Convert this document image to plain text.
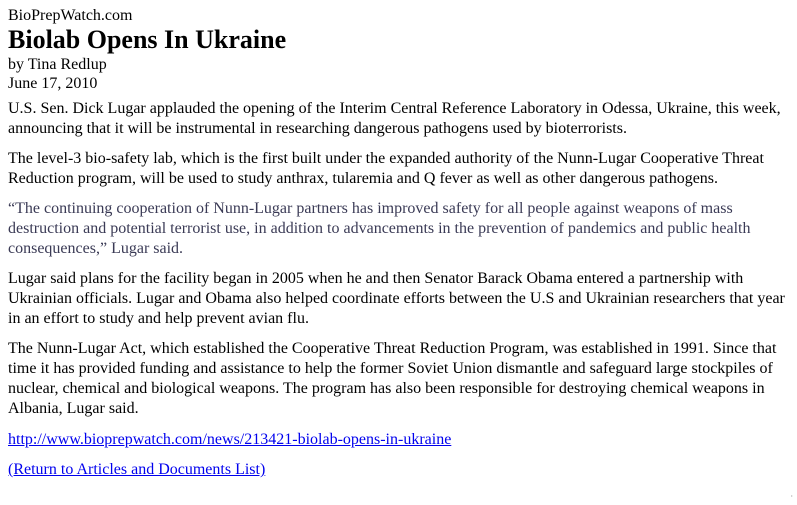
BioPrepWatch.com

Biolab Opens In Ukraine

by Tina Redlup

June 17, 2010

U.S. Sen. Dick Lugar applauded the opening of the Interim Central Reference Laboratory in Odessa, Ukraine, this week, announcing that it will be instrumental in researching dangerous pathogens used by bioterrorists.

The level-3 bio-safety lab, which is the first built under the expanded authority of the Nunn-Lugar Cooperative Threat Reduction program, will be used to study anthrax, tularemia and Q fever as well as other dangerous pathogens.

“The continuing cooperation of Nunn-Lugar partners has improved safety for all people against weapons of mass destruction and potential terrorist use, in addition to advancements in the prevention of pandemics and public health consequences,” Lugar said.

Lugar said plans for the facility began in 2005 when he and then Senator Barack Obama entered a partnership with Ukrainian officials. Lugar and Obama also helped coordinate efforts between the U.S and Ukrainian researchers that year in an effort to study and help prevent avian flu.

The Nunn-Lugar Act, which established the Cooperative Threat Reduction Program, was established in 1991. Since that time it has provided funding and assistance to help the former Soviet Union dismantle and safeguard large stockpiles of nuclear, chemical and biological weapons. The program has also been responsible for destroying chemical weapons in Albania, Lugar said.

http://www.bioprepwatch.com/news/213421-biolab-opens-in-ukraine
(Return to Articles and Documents List)
·
